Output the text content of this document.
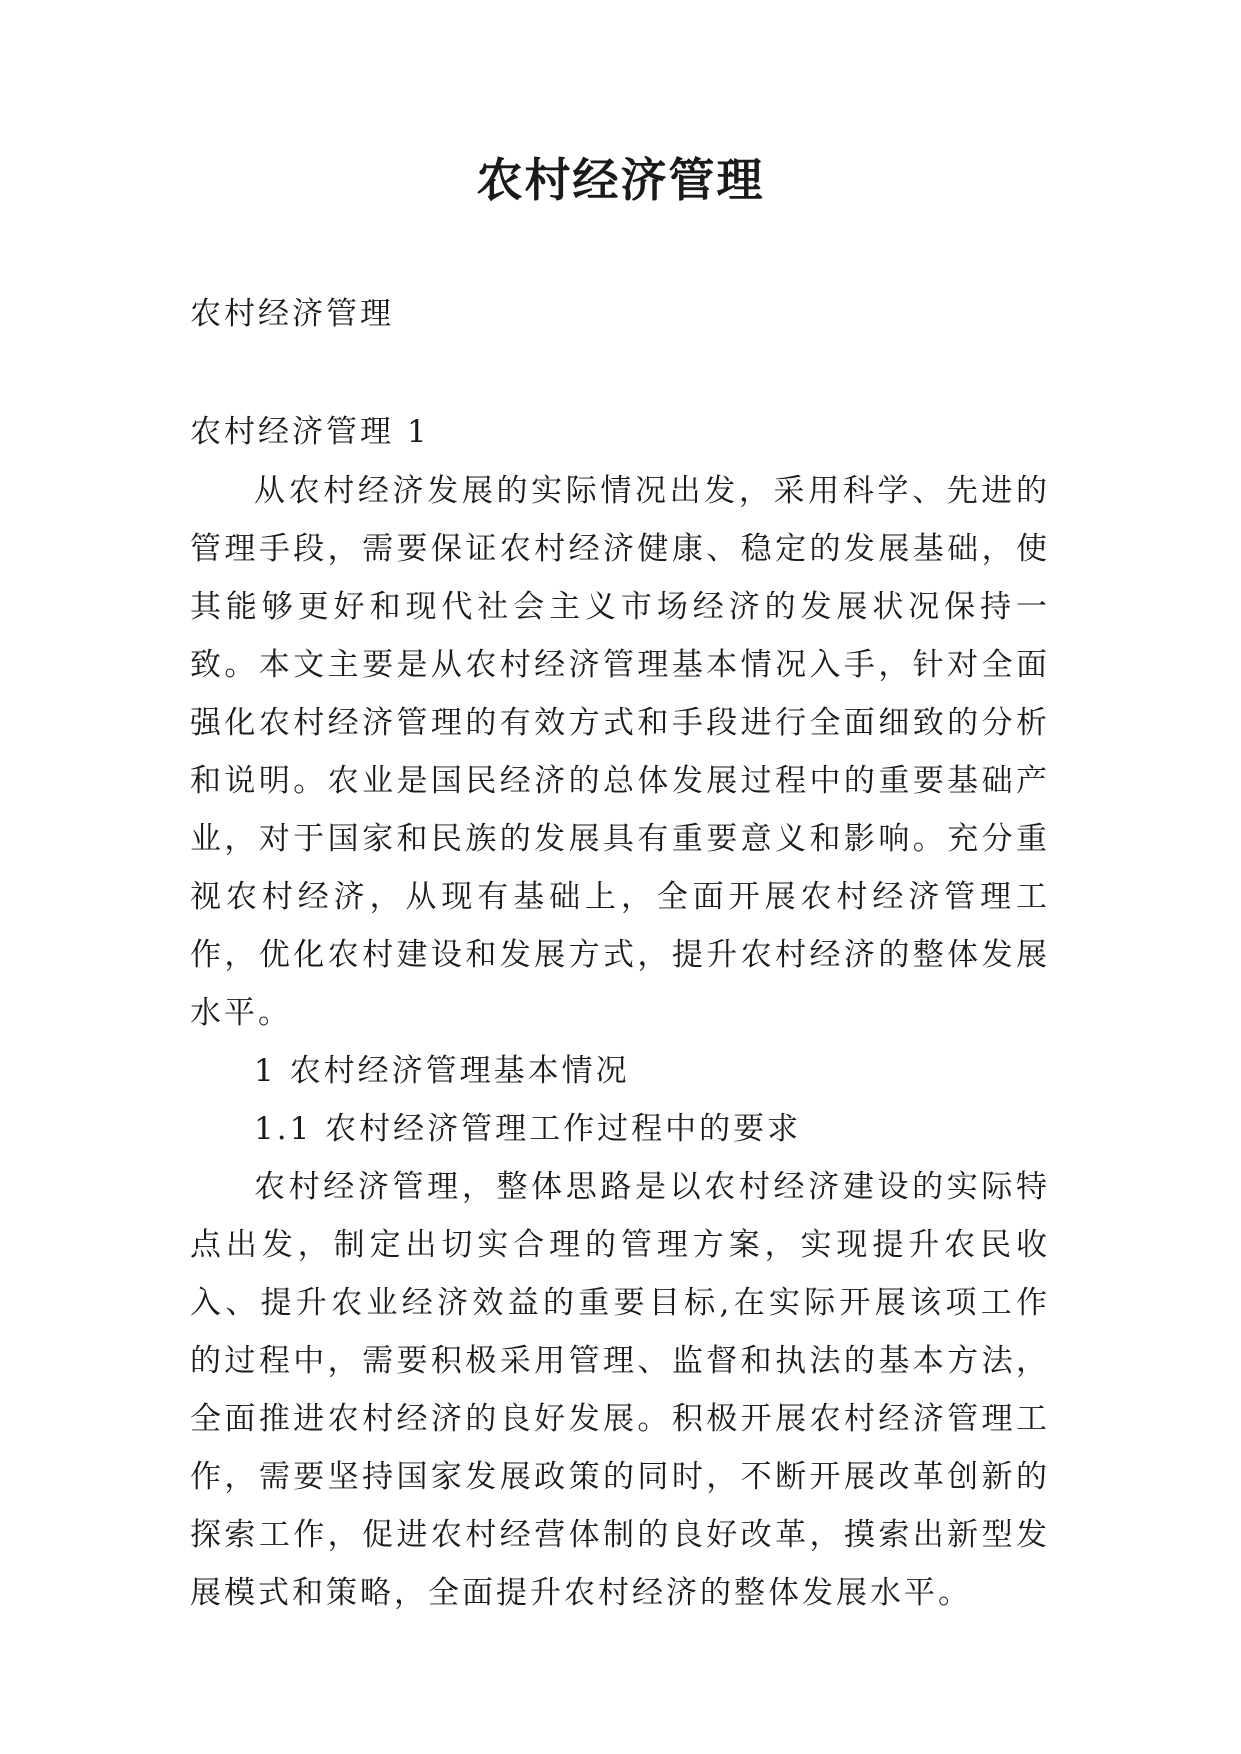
农村经济管理
农村经济管理
农村经济管理 1

从农村经济发展的实际情况出发，采用科学、先进的管理手段，需要保证农村经济健康、稳定的发展基础，使其能够更好和现代社会主义市场经济的发展状况保持一致。本文主要是从农村经济管理基本情况入手，针对全面强化农村经济管理的有效方式和手段进行全面细致的分析和说明。农业是国民经济的总体发展过程中的重要基础产业，对于国家和民族的发展具有重要意义和影响。充分重视农村经济，从现有基础上，全面开展农村经济管理工作，优化农村建设和发展方式，提升农村经济的整体发展水平。

1 农村经济管理基本情况

1.1 农村经济管理工作过程中的要求

农村经济管理，整体思路是以农村经济建设的实际特点出发，制定出切实合理的管理方案，实现提升农民收入、提升农业经济效益的重要目标,在实际开展该项工作的过程中，需要积极采用管理、监督和执法的基本方法，全面推进农村经济的良好发展。积极开展农村经济管理工作，需要坚持国家发展政策的同时，不断开展改革创新的探索工作，促进农村经营体制的良好改革，摸索出新型发展模式和策略，全面提升农村经济的整体发展水平。
